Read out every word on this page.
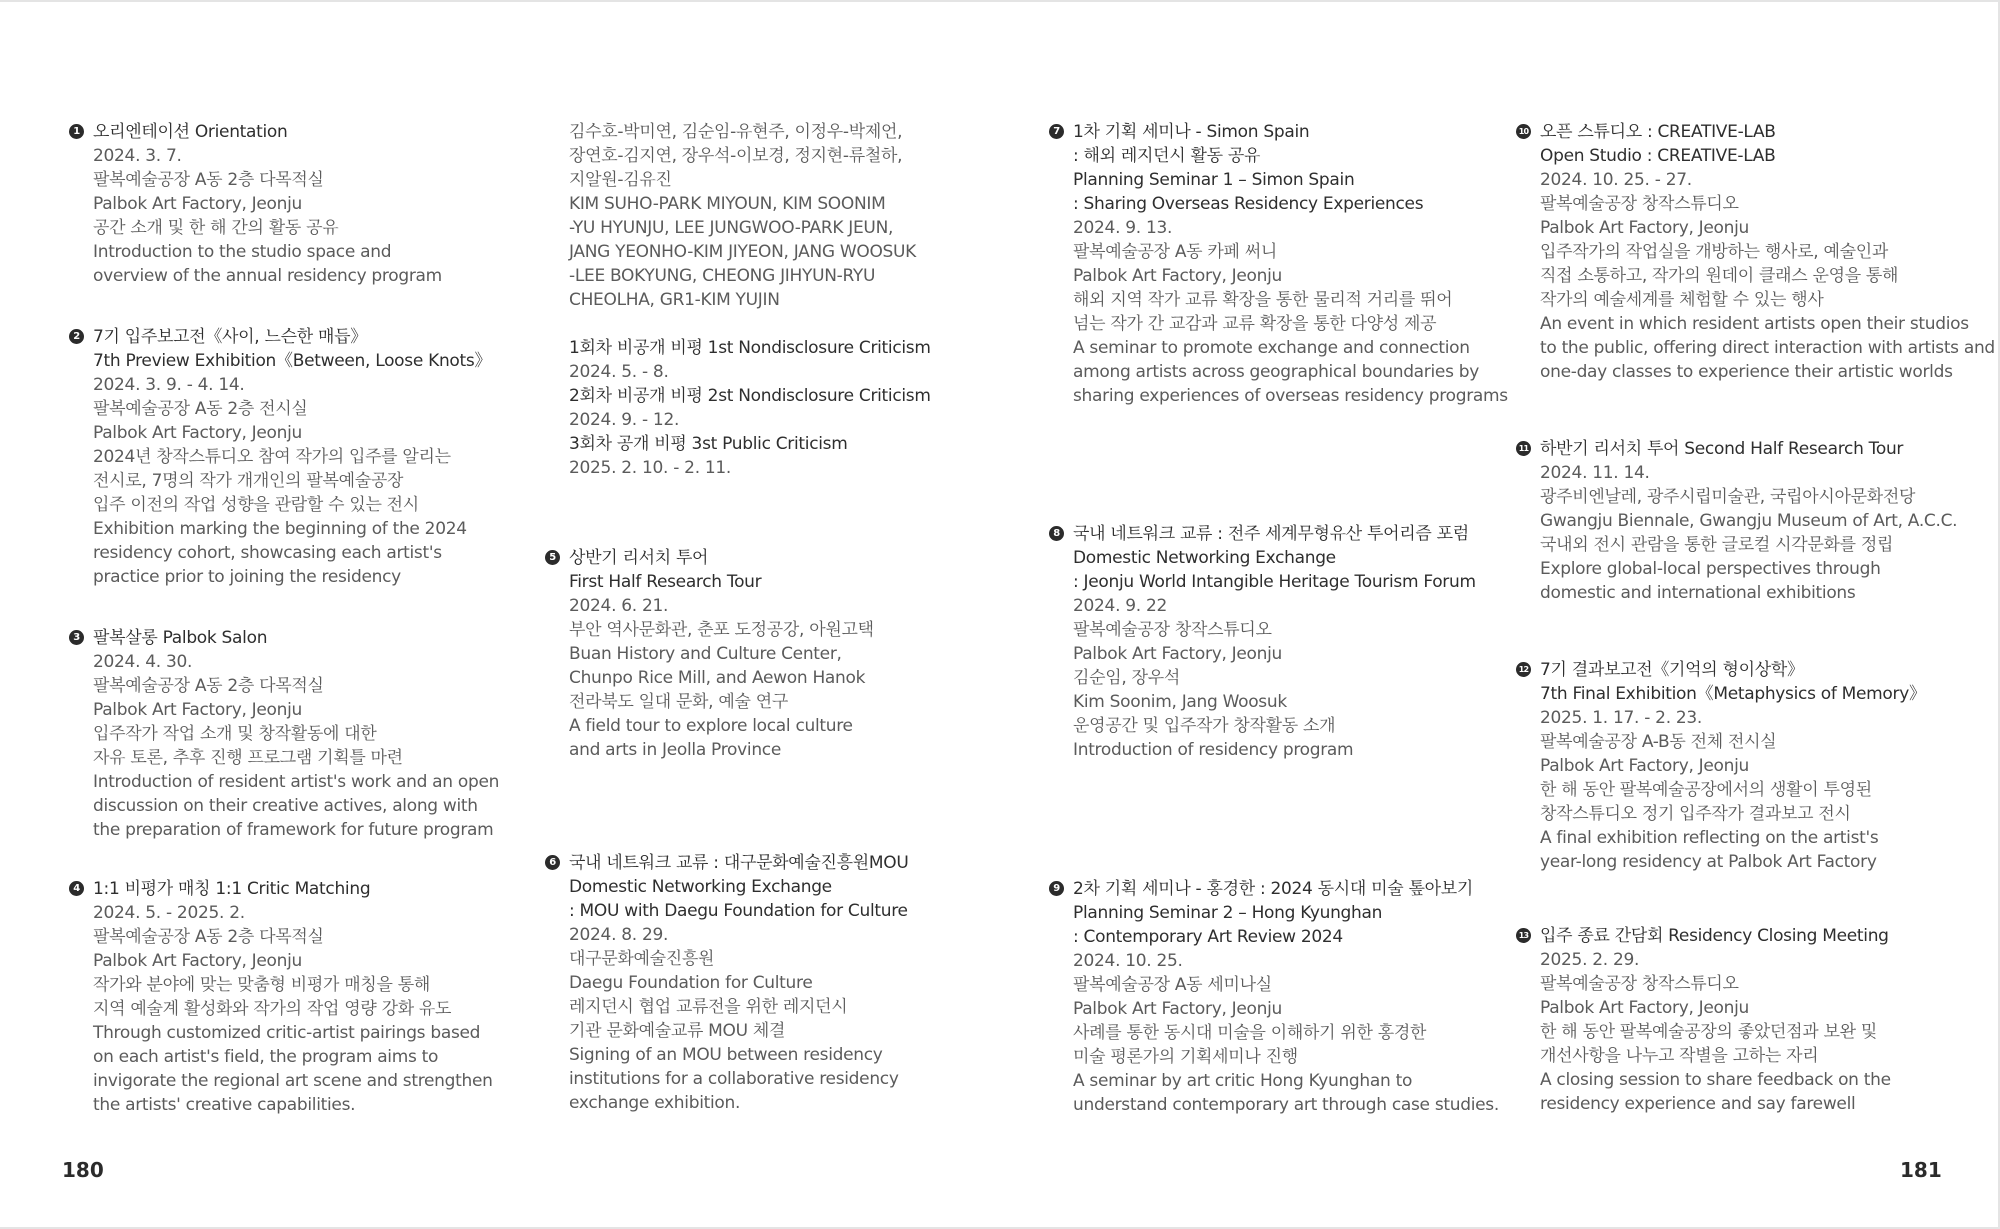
1 오리엔테이션 Orientation
2024. 3. 7.
팔복예술공장 A동 2층 다목적실
Palbok Art Factory, Jeonju
공간 소개 및 한 해 간의 활동 공유
Introduction to the studio space and
overview of the annual residency program
2 7기 입주보고전《사이, 느슨한 매듭》
7th Preview Exhibition《Between, Loose Knots》
2024. 3. 9. - 4. 14.
팔복예술공장 A동 2층 전시실
Palbok Art Factory, Jeonju
2024년 창작스튜디오 참여 작가의 입주를 알리는
전시로, 7명의 작가 개개인의 팔복예술공장
입주 이전의 작업 성향을 관람할 수 있는 전시
Exhibition marking the beginning of the 2024
residency cohort, showcasing each artist's
practice prior to joining the residency
3 팔복살롱 Palbok Salon
2024. 4. 30.
팔복예술공장 A동 2층 다목적실
Palbok Art Factory, Jeonju
입주작가 작업 소개 및 창작활동에 대한
자유 토론, 추후 진행 프로그램 기획틀 마련
Introduction of resident artist's work and an open
discussion on their creative actives, along with
the preparation of framework for future program
4 1:1 비평가 매칭 1:1 Critic Matching
2024. 5. - 2025. 2.
팔복예술공장 A동 2층 다목적실
Palbok Art Factory, Jeonju
작가와 분야에 맞는 맞춤형 비평가 매칭을 통해
지역 예술계 활성화와 작가의 작업 영량 강화 유도
Through customized critic-artist pairings based
on each artist's field, the program aims to
invigorate the regional art scene and strengthen
the artists' creative capabilities.
김수호-박미연, 김순임-유현주, 이정우-박제언,
장연호-김지연, 장우석-이보경, 정지현-류철하,
지알원-김유진
KIM SUHO-PARK MIYOUN, KIM SOONIM
-YU HYUNJU, LEE JUNGWOO-PARK JEUN,
JANG YEONHO-KIM JIYEON, JANG WOOSUK
-LEE BOKYUNG, CHEONG JIHYUN-RYU
CHEOLHA, GR1-KIM YUJIN
1회차 비공개 비평 1st Nondisclosure Criticism
2024. 5. - 8.
2회차 비공개 비평 2st Nondisclosure Criticism
2024. 9. - 12.
3회차 공개 비평 3st Public Criticism
2025. 2. 10. - 2. 11.
5 상반기 리서치 투어
First Half Research Tour
2024. 6. 21.
부안 역사문화관, 춘포 도정공강, 아원고택
Buan History and Culture Center,
Chunpo Rice Mill, and Aewon Hanok
전라북도 일대 문화, 예술 연구
A field tour to explore local culture
and arts in Jeolla Province
6 국내 네트워크 교류 : 대구문화예술진흥원MOU
Domestic Networking Exchange
: MOU with Daegu Foundation for Culture
2024. 8. 29.
대구문화예술진흥원
Daegu Foundation for Culture
레지던시 협업 교류전을 위한 레지던시
기관 문화예술교류 MOU 체결
Signing of an MOU between residency
institutions for a collaborative residency
exchange exhibition.
7 1차 기획 세미나 - Simon Spain
: 해외 레지던시 활동 공유
Planning Seminar 1 – Simon Spain
: Sharing Overseas Residency Experiences
2024. 9. 13.
팔복예술공장 A동 카페 써니
Palbok Art Factory, Jeonju
해외 지역 작가 교류 확장을 통한 물리적 거리를 뛰어
넘는 작가 간 교감과 교류 확장을 통한 다양성 제공
A seminar to promote exchange and connection
among artists across geographical boundaries by
sharing experiences of overseas residency programs
8 국내 네트워크 교류 : 전주 세계무형유산 투어리즘 포럼
Domestic Networking Exchange
: Jeonju World Intangible Heritage Tourism Forum
2024. 9. 22
팔복예술공장 창작스튜디오
Palbok Art Factory, Jeonju
김순임, 장우석
Kim Soonim, Jang Woosuk
운영공간 및 입주작가 창작활동 소개
Introduction of residency program
9 2차 기획 세미나 - 홍경한 : 2024 동시대 미술 톺아보기
Planning Seminar 2 – Hong Kyunghan
: Contemporary Art Review 2024
2024. 10. 25.
팔복예술공장 A동 세미나실
Palbok Art Factory, Jeonju
사례를 통한 동시대 미술을 이해하기 위한 홍경한
미술 평론가의 기획세미나 진행
A seminar by art critic Hong Kyunghan to
understand contemporary art through case studies.
10 오픈 스튜디오 : CREATIVE-LAB
Open Studio : CREATIVE-LAB
2024. 10. 25. - 27.
팔복예술공장 창작스튜디오
Palbok Art Factory, Jeonju
입주작가의 작업실을 개방하는 행사로, 예술인과
직접 소통하고, 작가의 원데이 클래스 운영을 통해
작가의 예술세계를 체험할 수 있는 행사
An event in which resident artists open their studios
to the public, offering direct interaction with artists and
one-day classes to experience their artistic worlds
11 하반기 리서치 투어 Second Half Research Tour
2024. 11. 14.
광주비엔날레, 광주시립미술관, 국립아시아문화전당
Gwangju Biennale, Gwangju Museum of Art, A.C.C.
국내외 전시 관람을 통한 글로컬 시각문화를 정립
Explore global-local perspectives through
domestic and international exhibitions
12 7기 결과보고전《기억의 형이상학》
7th Final Exhibition《Metaphysics of Memory》
2025. 1. 17. - 2. 23.
팔복예술공장 A-B동 전체 전시실
Palbok Art Factory, Jeonju
한 해 동안 팔복예술공장에서의 생활이 투영된
창작스튜디오 정기 입주작가 결과보고 전시
A final exhibition reflecting on the artist's
year-long residency at Palbok Art Factory
13 입주 종료 간담회 Residency Closing Meeting
2025. 2. 29.
팔복예술공장 창작스튜디오
Palbok Art Factory, Jeonju
한 해 동안 팔복예술공장의 좋았던점과 보완 및
개선사항을 나누고 작별을 고하는 자리
A closing session to share feedback on the
residency experience and say farewell
180	181
